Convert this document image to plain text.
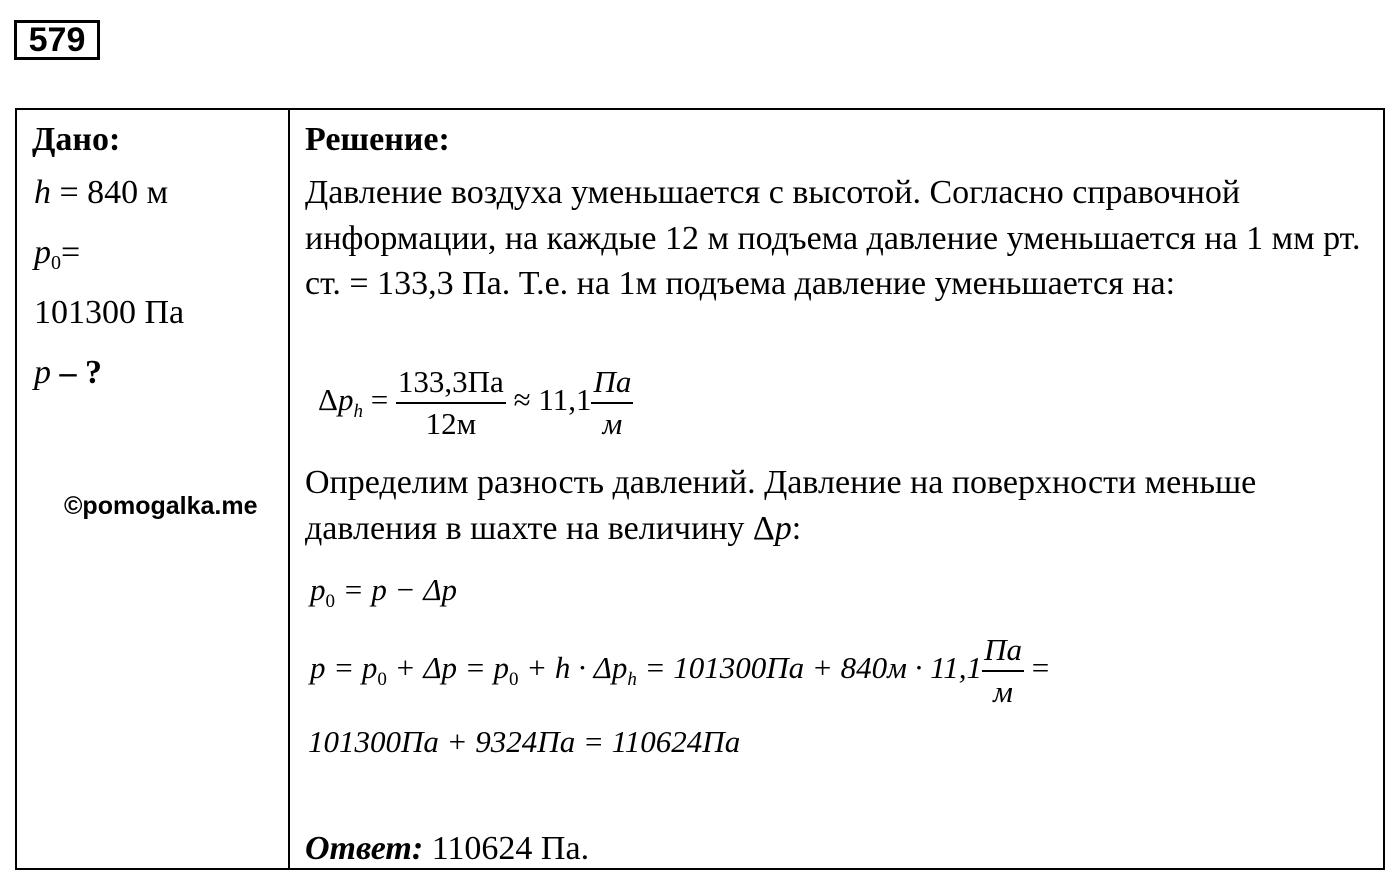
579
Дано:
h = 840 м
p0=
101300 Па
p – ?
©pomogalka.me
Решение:
Давление воздуха уменьшается с высотой. Согласно справочной информации, на каждые 12 м подъема давление уменьшается на 1 мм рт. ст. = 133,3 Па. Т.е. на 1м подъема давление уменьшается на:
$\Delta p_h = \frac{133,3Па}{12м} \approx 11,1 \frac{Па}{м}$
Определим разность давлений. Давление на поверхности меньше давления в шахте на величину Δp:
$p_0 = p - \Delta p$
$p = p_0 + \Delta p = p_0 + h \cdot \Delta p_h = 101300Па + 840м \cdot 11,1 \frac{Па}{м}$ =
101300Па + 9324Па = 110624Па
Ответ: 110624 Па.
